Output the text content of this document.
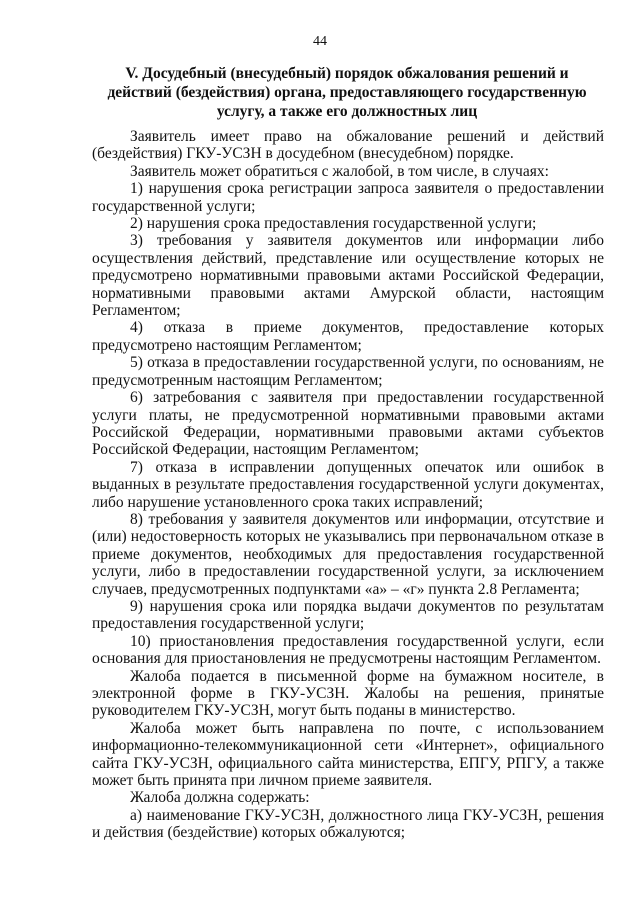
44
V. Досудебный (внесудебный) порядок обжалования решений и действий (бездействия) органа, предоставляющего государственную услугу, а также его должностных лиц

Заявитель имеет право на обжалование решений и действий (бездействия) ГКУ-УСЗН в досудебном (внесудебном) порядке.

Заявитель может обратиться с жалобой, в том числе, в случаях:

1) нарушения срока регистрации запроса заявителя о предоставлении государственной услуги;

2) нарушения срока предоставления государственной услуги;

3) требования у заявителя документов или информации либо осуществления действий, представление или осуществление которых не предусмотрено нормативными правовыми актами Российской Федерации, нормативными правовыми актами Амурской области, настоящим Регламентом;

4) отказа в приеме документов, предоставление которых предусмотрено настоящим Регламентом;

5) отказа в предоставлении государственной услуги, по основаниям, не предусмотренным настоящим Регламентом;

6) затребования с заявителя при предоставлении государственной услуги платы, не предусмотренной нормативными правовыми актами Российской Федерации, нормативными правовыми актами субъектов Российской Федерации, настоящим Регламентом;

7) отказа в исправлении допущенных опечаток или ошибок в выданных в результате предоставления государственной услуги документах, либо нарушение установленного срока таких исправлений;

8) требования у заявителя документов или информации, отсутствие и (или) недостоверность которых не указывались при первоначальном отказе в приеме документов, необходимых для предоставления государственной услуги, либо в предоставлении государственной услуги, за исключением случаев, предусмотренных подпунктами «а» – «г» пункта 2.8 Регламента;

9) нарушения срока или порядка выдачи документов по результатам предоставления государственной услуги;

10) приостановления предоставления государственной услуги, если основания для приостановления не предусмотрены настоящим Регламентом.

Жалоба подается в письменной форме на бумажном носителе, в электронной форме в ГКУ-УСЗН. Жалобы на решения, принятые руководителем ГКУ-УСЗН, могут быть поданы в министерство.

Жалоба может быть направлена по почте, с использованием информационно-телекоммуникационной сети «Интернет», официального сайта ГКУ-УСЗН, официального сайта министерства, ЕПГУ, РПГУ, а также может быть принята при личном приеме заявителя.

Жалоба должна содержать:

а) наименование ГКУ-УСЗН, должностного лица ГКУ-УСЗН, решения и действия (бездействие) которых обжалуются;
